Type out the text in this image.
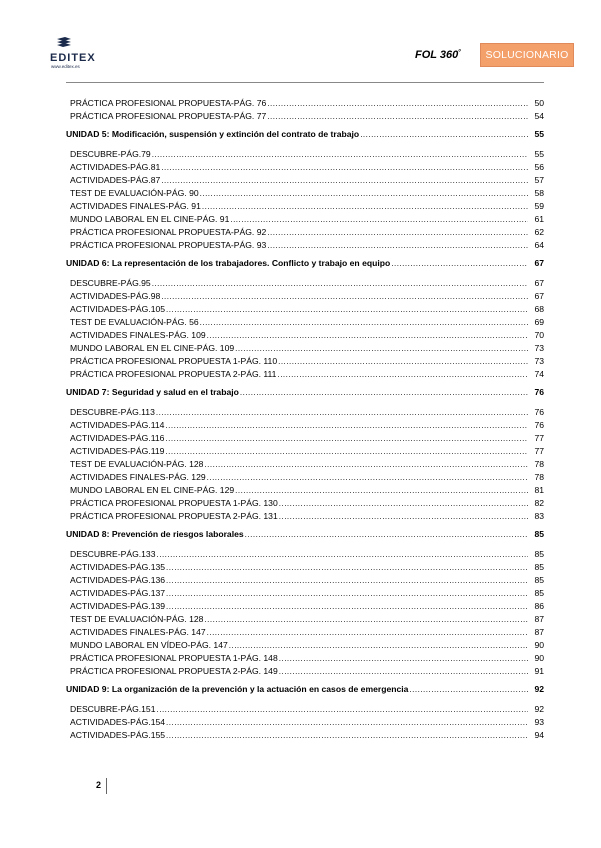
EDITEX
www.editex.es
FOL $360^º$	SOLUCIONARIO
PRÁCTICA PROFESIONAL PROPUESTA-PÁG. 76 .....	50
PRÁCTICA PROFESIONAL PROPUESTA-PÁG. 77 .....	54
UNIDAD 5: Modificación, suspensión y extinción del contrato de trabajo .....	55
DESCUBRE-PÁG.79 .....	55
ACTIVIDADES-PÁG.81 .....	56
ACTIVIDADES-PÁG.87 .....	57
TEST DE EVALUACIÓN-PÁG. 90 .....	58
ACTIVIDADES FINALES-PÁG. 91 .....	59
MUNDO LABORAL EN EL CINE-PÁG. 91 .....	61
PRÁCTICA PROFESIONAL PROPUESTA-PÁG. 92 .....	62
PRÁCTICA PROFESIONAL PROPUESTA-PÁG. 93 .....	64
UNIDAD 6: La representación de los trabajadores. Conflicto y trabajo en equipo .....	67
DESCUBRE-PÁG.95 .....	67
ACTIVIDADES-PÁG.98 .....	67
ACTIVIDADES-PÁG.105 .....	68
TEST DE EVALUACIÓN-PÁG. 56 .....	69
ACTIVIDADES FINALES-PÁG. 109 .....	70
MUNDO LABORAL EN EL CINE-PÁG. 109 .....	73
PRÁCTICA PROFESIONAL PROPUESTA 1-PÁG. 110 .....	73
PRÁCTICA PROFESIONAL PROPUESTA 2-PÁG. 111 .....	74
UNIDAD 7: Seguridad y salud en el trabajo .....	76
DESCUBRE-PÁG.113 .....	76
ACTIVIDADES-PÁG.114 .....	76
ACTIVIDADES-PÁG.116 .....	77
ACTIVIDADES-PÁG.119 .....	77
TEST DE EVALUACIÓN-PÁG. 128 .....	78
ACTIVIDADES FINALES-PÁG. 129 .....	78
MUNDO LABORAL EN EL CINE-PÁG. 129 .....	81
PRÁCTICA PROFESIONAL PROPUESTA 1-PÁG. 130 .....	82
PRÁCTICA PROFESIONAL PROPUESTA 2-PÁG. 131 .....	83
UNIDAD 8: Prevención de riesgos laborales .....	85
DESCUBRE-PÁG.133 .....	85
ACTIVIDADES-PÁG.135 .....	85
ACTIVIDADES-PÁG.136 .....	85
ACTIVIDADES-PÁG.137 .....	85
ACTIVIDADES-PÁG.139 .....	86
TEST DE EVALUACIÓN-PÁG. 128 .....	87
ACTIVIDADES FINALES-PÁG. 147 .....	87
MUNDO LABORAL EN VÍDEO-PÁG. 147 .....	90
PRÁCTICA PROFESIONAL PROPUESTA 1-PÁG. 148 .....	90
PRÁCTICA PROFESIONAL PROPUESTA 2-PÁG. 149 .....	91
UNIDAD 9: La organización de la prevención y la actuación en casos de emergencia .....	92
DESCUBRE-PÁG.151 .....	92
ACTIVIDADES-PÁG.154 .....	93
ACTIVIDADES-PÁG.155 .....	94
2
